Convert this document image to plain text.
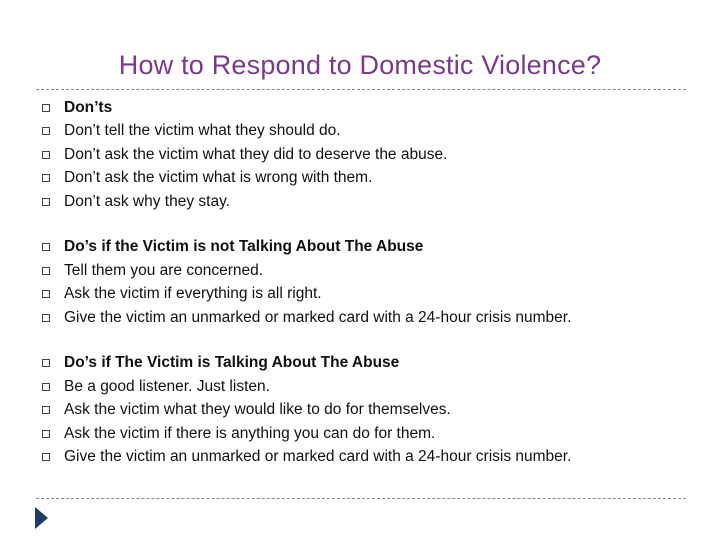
How to Respond to Domestic Violence?
Don’ts
Don’t tell the victim what they should do.
Don’t ask the victim what they did to deserve the abuse.
Don’t ask the victim what is wrong with them.
Don’t ask why they stay.
Do’s if the Victim is not Talking About The Abuse
Tell them you are concerned.
Ask the victim if everything is all right.
Give the victim an unmarked or marked card with a 24-hour crisis number.
Do’s if The Victim is Talking About The Abuse
Be a good listener. Just listen.
Ask the victim what they would like to do for themselves.
Ask the victim if there is anything you can do for them.
Give the victim an unmarked or marked card with a 24-hour crisis number.
